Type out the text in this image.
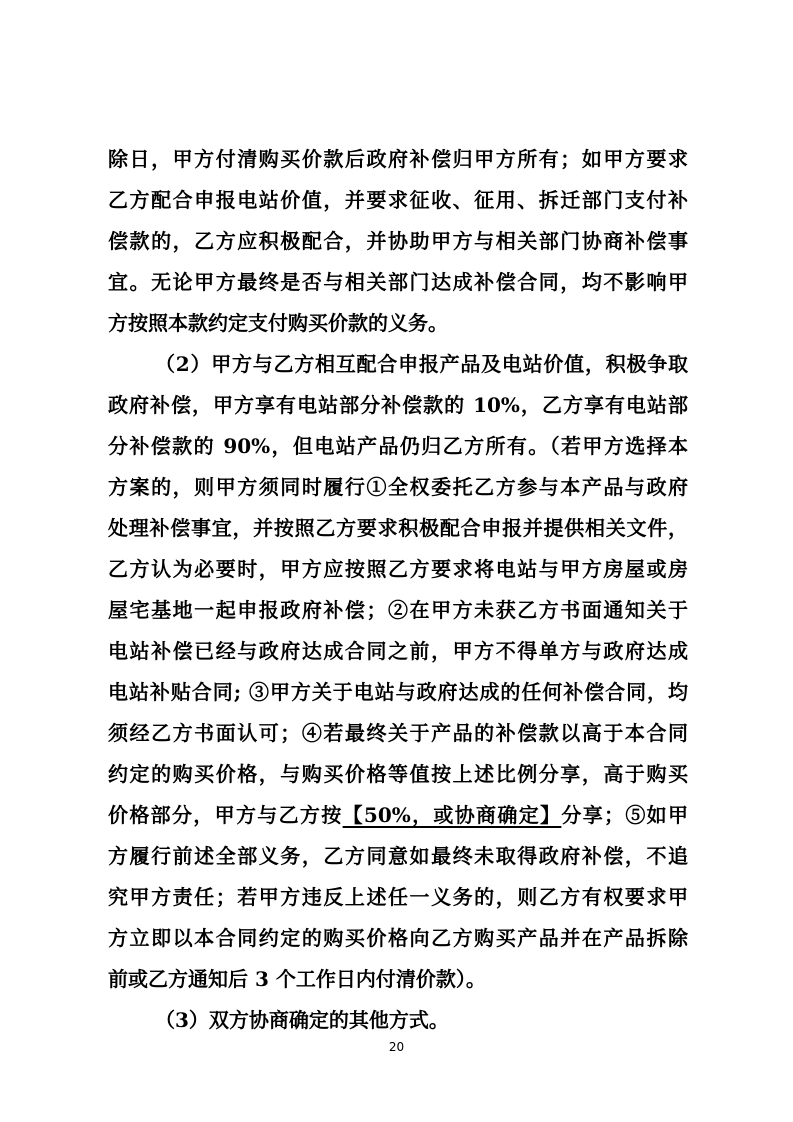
除日，甲方付清购买价款后政府补偿归甲方所有；如甲方要求
乙方配合申报电站价值，并要求征收、征用、拆迁部门支付补
偿款的，乙方应积极配合，并协助甲方与相关部门协商补偿事
宜。无论甲方最终是否与相关部门达成补偿合同，均不影响甲
方按照本款约定支付购买价款的义务。
（2）甲方与乙方相互配合申报产品及电站价值，积极争取
政府补偿，甲方享有电站部分补偿款的 10%，乙方享有电站部
分补偿款的 90%，但电站产品仍归乙方所有。（若甲方选择本
方案的，则甲方须同时履行①全权委托乙方参与本产品与政府
处理补偿事宜，并按照乙方要求积极配合申报并提供相关文件，
乙方认为必要时，甲方应按照乙方要求将电站与甲方房屋或房
屋宅基地一起申报政府补偿；②在甲方未获乙方书面通知关于
电站补偿已经与政府达成合同之前，甲方不得单方与政府达成
电站补贴合同; ③甲方关于电站与政府达成的任何补偿合同，均
须经乙方书面认可；④若最终关于产品的补偿款以高于本合同
约定的购买价格，与购买价格等值按上述比例分享，高于购买
价格部分，甲方与乙方按【50%，或协商确定】分享；⑤如甲
方履行前述全部义务，乙方同意如最终未取得政府补偿，不追
究甲方责任；若甲方违反上述任一义务的，则乙方有权要求甲
方立即以本合同约定的购买价格向乙方购买产品并在产品拆除
前或乙方通知后 3 个工作日内付清价款）。
（3）双方协商确定的其他方式。
20
